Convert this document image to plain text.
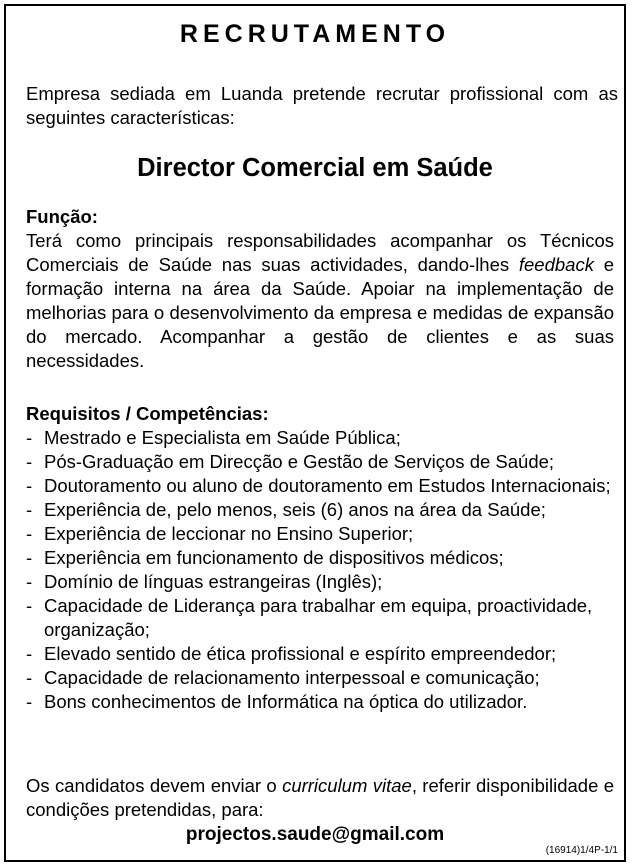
RECRUTAMENTO
Empresa sediada em Luanda pretende recrutar profissional com as seguintes características:
Director Comercial em Saúde
Função:
Terá como principais responsabilidades acompanhar os Técnicos Comerciais de Saúde nas suas actividades, dando-lhes feedback e formação interna na área da Saúde. Apoiar na implementação de melhorias para o desenvolvimento da empresa e medidas de expansão do mercado. Acompanhar a gestão de clientes e as suas necessidades.
Requisitos / Competências:
- Mestrado e Especialista em Saúde Pública;
- Pós-Graduação em Direcção e Gestão de Serviços de Saúde;
- Doutoramento ou aluno de doutoramento em Estudos Internacionais;
- Experiência de, pelo menos, seis (6) anos na área da Saúde;
- Experiência de leccionar no Ensino Superior;
- Experiência em funcionamento de dispositivos médicos;
- Domínio de línguas estrangeiras (Inglês);
- Capacidade de Liderança para trabalhar em equipa, proactividade, organização;
- Elevado sentido de ética profissional e espírito empreendedor;
- Capacidade de relacionamento interpessoal e comunicação;
- Bons conhecimentos de Informática na óptica do utilizador.
Os candidatos devem enviar o curriculum vitae, referir disponibilidade e condições pretendidas, para:
projectos.saude@gmail.com
(16914)1/4P-1/1
